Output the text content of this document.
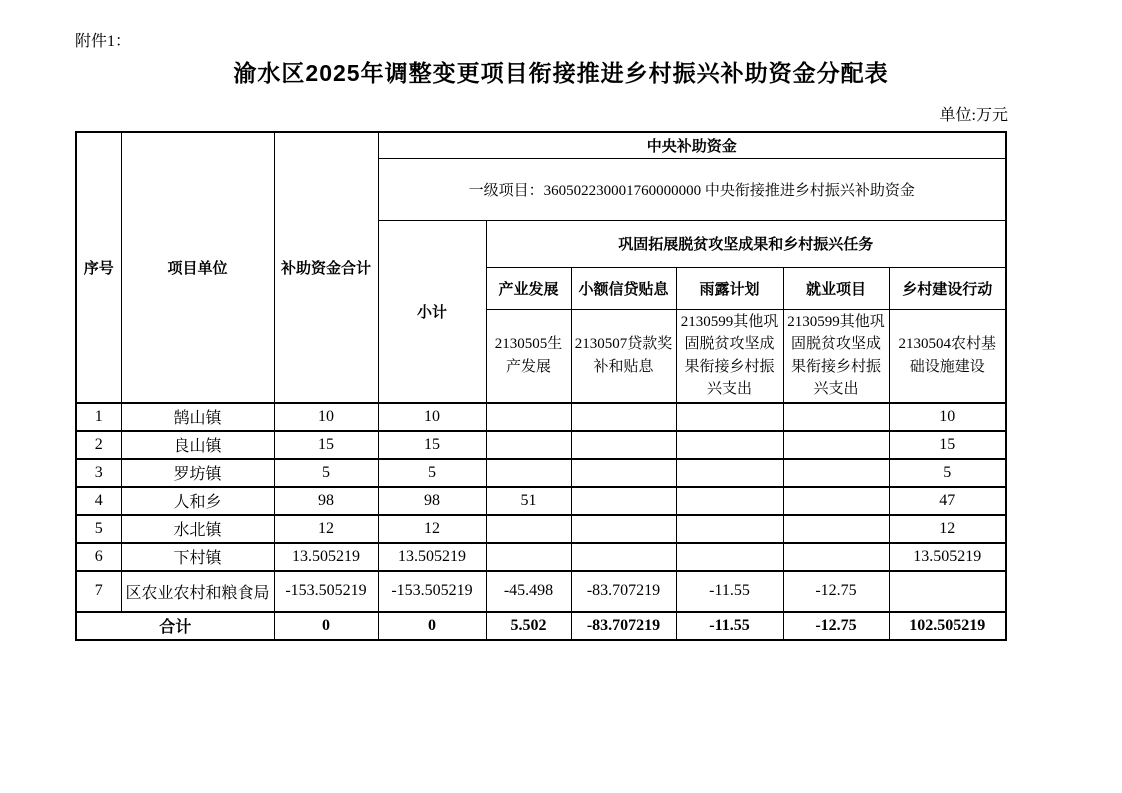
附件1：
渝水区2025年调整变更项目衔接推进乡村振兴补助资金分配表
单位:万元
序号	项目单位	补助资金合计	中央补助资金					
			一级项目：360502230001760000000 中央衔接推进乡村振兴补助资金					
			小计	巩固拓展脱贫攻坚成果和乡村振兴任务				
				产业发展	小额信贷贴息	雨露计划	就业项目	乡村建设行动
				2130505生产发展	2130507贷款奖补和贴息	2130599其他巩固脱贫攻坚成果衔接乡村振兴支出	2130599其他巩固脱贫攻坚成果衔接乡村振兴支出	2130504农村基础设施建设
1	鹄山镇	10	10					10
2	良山镇	15	15					15
3	罗坊镇	5	5					5
4	人和乡	98	98	51				47
5	水北镇	12	12					12
6	下村镇	13.505219	13.505219					13.505219
7	区农业农村和粮食局	-153.505219	-153.505219	-45.498	-83.707219	-11.55	-12.75	
合计		0	0	5.502	-83.707219	-11.55	-12.75	102.505219
